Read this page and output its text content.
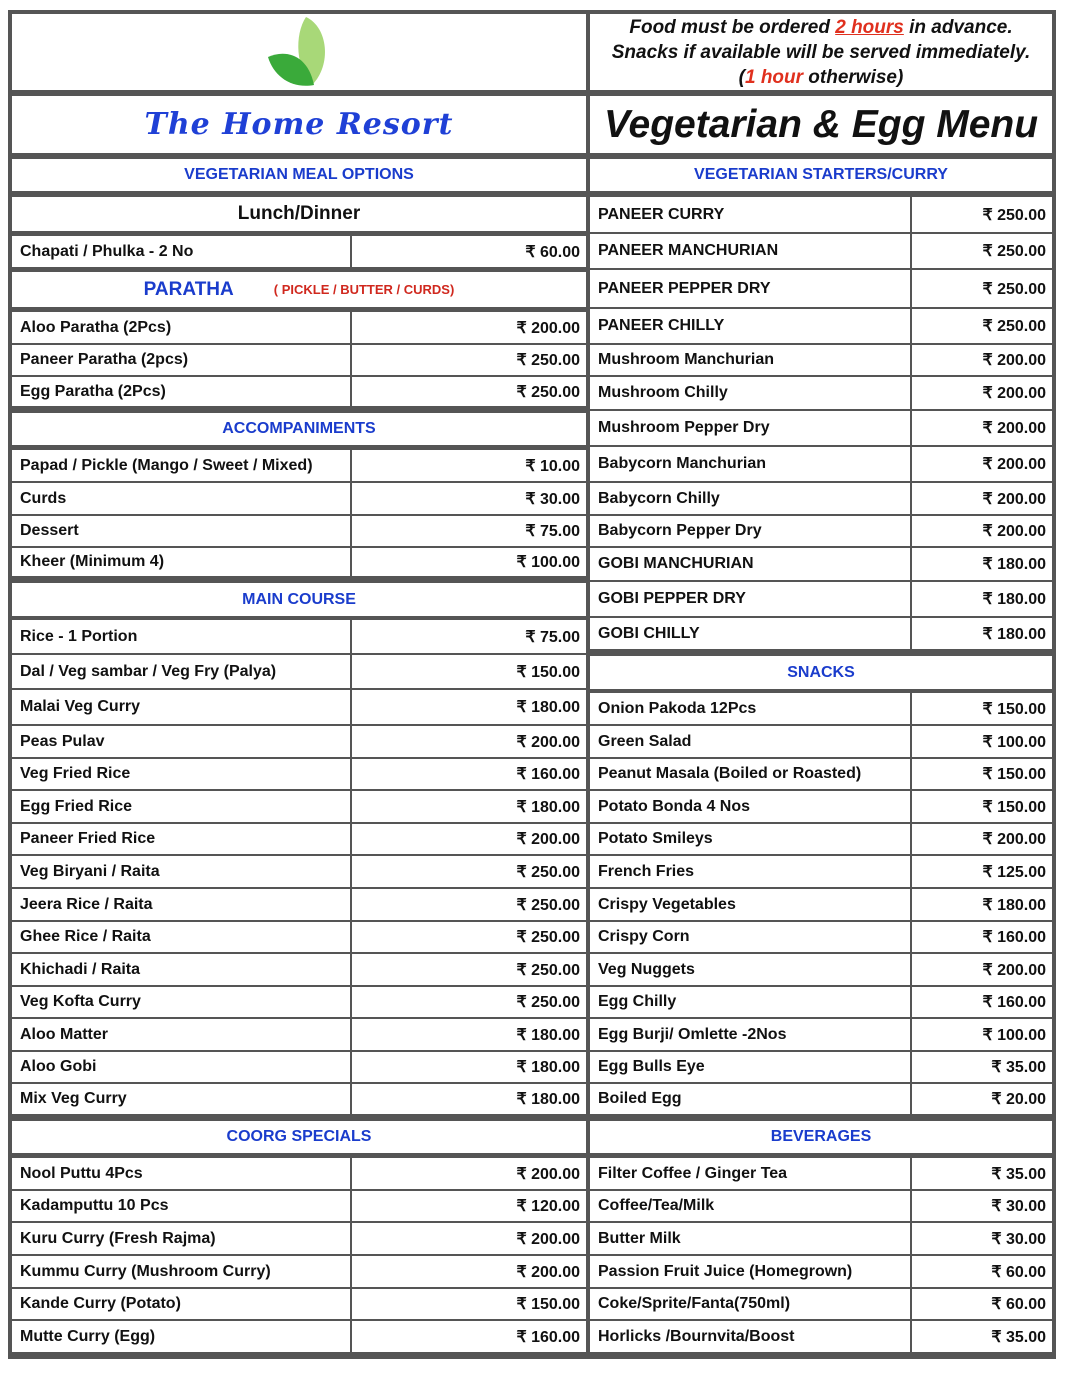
Food must be ordered 2 hours in advance.
Snacks if available will be served immediately.
(1 hour otherwise)
The Home Resort	Vegetarian & Egg Menu
VEGETARIAN MEAL OPTIONS
Lunch/Dinner
Chapati / Phulka - 2 No	₹ 60.00
PARATHA	( PICKLE / BUTTER / CURDS)
Aloo Paratha (2Pcs)	₹ 200.00
Paneer Paratha (2pcs)	₹ 250.00
Egg Paratha (2Pcs)	₹ 250.00
ACCOMPANIMENTS
Papad / Pickle (Mango / Sweet / Mixed)	₹ 10.00
Curds	₹ 30.00
Dessert	₹ 75.00
Kheer (Minimum 4)	₹ 100.00
MAIN COURSE
Rice - 1 Portion	₹ 75.00
Dal / Veg sambar / Veg Fry (Palya)	₹ 150.00
Malai Veg Curry	₹ 180.00
Peas Pulav	₹ 200.00
Veg Fried Rice	₹ 160.00
Egg Fried Rice	₹ 180.00
Paneer Fried Rice	₹ 200.00
Veg Biryani / Raita	₹ 250.00
Jeera Rice / Raita	₹ 250.00
Ghee Rice / Raita	₹ 250.00
Khichadi / Raita	₹ 250.00
Veg Kofta Curry	₹ 250.00
Aloo Matter	₹ 180.00
Aloo Gobi	₹ 180.00
Mix Veg Curry	₹ 180.00
COORG SPECIALS
Nool Puttu 4Pcs	₹ 200.00
Kadamputtu 10 Pcs	₹ 120.00
Kuru Curry (Fresh Rajma)	₹ 200.00
Kummu Curry (Mushroom Curry)	₹ 200.00
Kande Curry (Potato)	₹ 150.00
Mutte Curry (Egg)	₹ 160.00
VEGETARIAN STARTERS/CURRY
PANEER CURRY	₹ 250.00
PANEER MANCHURIAN	₹ 250.00
PANEER PEPPER DRY	₹ 250.00
PANEER CHILLY	₹ 250.00
Mushroom Manchurian	₹ 200.00
Mushroom Chilly	₹ 200.00
Mushroom Pepper Dry	₹ 200.00
Babycorn Manchurian	₹ 200.00
Babycorn Chilly	₹ 200.00
Babycorn Pepper Dry	₹ 200.00
GOBI MANCHURIAN	₹ 180.00
GOBI PEPPER DRY	₹ 180.00
GOBI CHILLY	₹ 180.00
SNACKS
Onion Pakoda 12Pcs	₹ 150.00
Green Salad	₹ 100.00
Peanut Masala (Boiled or Roasted)	₹ 150.00
Potato Bonda 4 Nos	₹ 150.00
Potato Smileys	₹ 200.00
French Fries	₹ 125.00
Crispy Vegetables	₹ 180.00
Crispy Corn	₹ 160.00
Veg Nuggets	₹ 200.00
Egg Chilly	₹ 160.00
Egg Burji/ Omlette -2Nos	₹ 100.00
Egg Bulls Eye	₹ 35.00
Boiled Egg	₹ 20.00
BEVERAGES
Filter Coffee / Ginger Tea	₹ 35.00
Coffee/Tea/Milk	₹ 30.00
Butter Milk	₹ 30.00
Passion Fruit Juice (Homegrown)	₹ 60.00
Coke/Sprite/Fanta(750ml)	₹ 60.00
Horlicks /Bournvita/Boost	₹ 35.00
